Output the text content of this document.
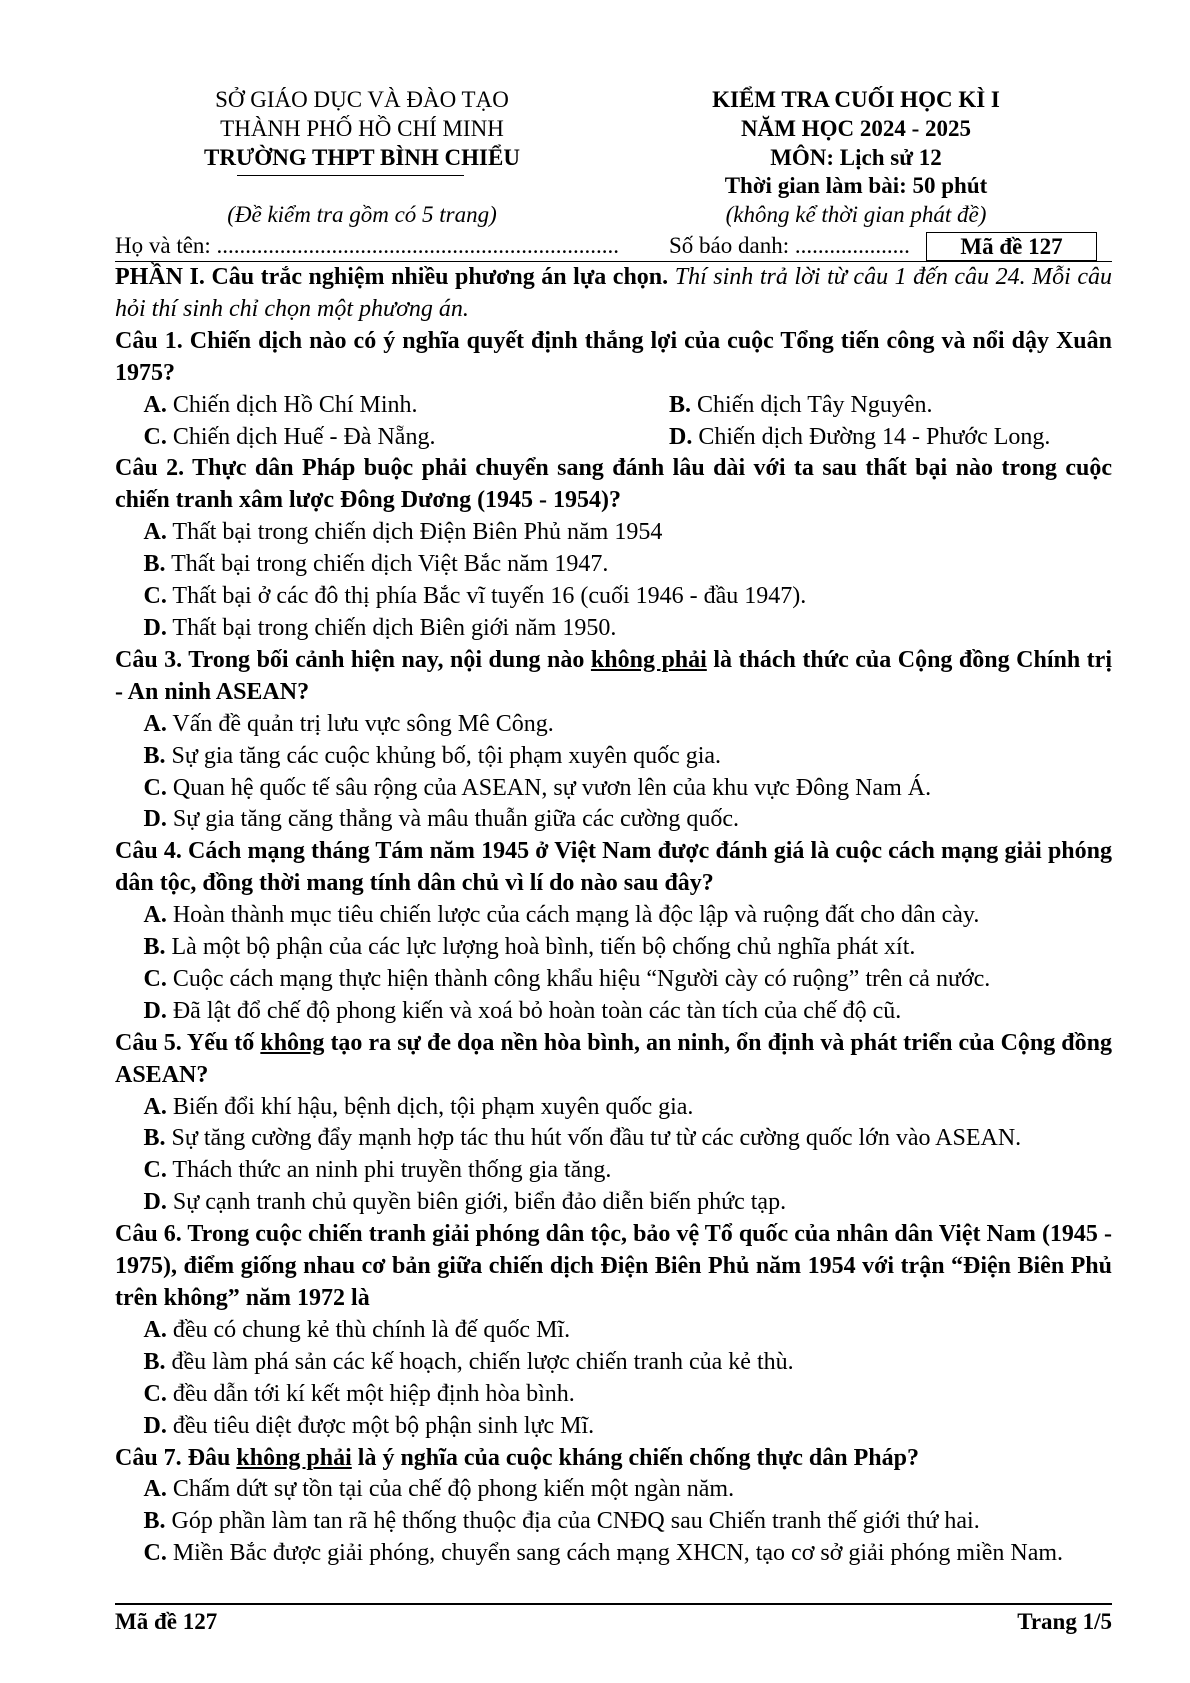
SỞ GIÁO DỤC VÀ ĐÀO TẠO
THÀNH PHỐ HỒ CHÍ MINH
TRƯỜNG THPT BÌNH CHIỂU
(Đề kiểm tra gồm có 5 trang)
KIỂM TRA CUỐI HỌC KÌ I
NĂM HỌC 2024 - 2025
MÔN: Lịch sử 12
Thời gian làm bài: 50 phút
(không kể thời gian phát đề)
Họ và tên: ...................................................................... Số báo danh: ....................	Mã đề 127

PHẦN I. Câu trắc nghiệm nhiều phương án lựa chọn. Thí sinh trả lời từ câu 1 đến câu 24. Mỗi câu hỏi thí sinh chỉ chọn một phương án.

Câu 1. Chiến dịch nào có ý nghĩa quyết định thắng lợi của cuộc Tổng tiến công và nổi dậy Xuân 1975?

A. Chiến dịch Hồ Chí Minh.	B. Chiến dịch Tây Nguyên.
C. Chiến dịch Huế - Đà Nẵng.	D. Chiến dịch Đường 14 - Phước Long.

Câu 2. Thực dân Pháp buộc phải chuyển sang đánh lâu dài với ta sau thất bại nào trong cuộc chiến tranh xâm lược Đông Dương (1945 - 1954)?

A. Thất bại trong chiến dịch Điện Biên Phủ năm 1954
B. Thất bại trong chiến dịch Việt Bắc năm 1947.
C. Thất bại ở các đô thị phía Bắc vĩ tuyến 16 (cuối 1946 - đầu 1947).
D. Thất bại trong chiến dịch Biên giới năm 1950.

Câu 3. Trong bối cảnh hiện nay, nội dung nào không phải là thách thức của Cộng đồng Chính trị - An ninh ASEAN?

A. Vấn đề quản trị lưu vực sông Mê Công.
B. Sự gia tăng các cuộc khủng bố, tội phạm xuyên quốc gia.
C. Quan hệ quốc tế sâu rộng của ASEAN, sự vươn lên của khu vực Đông Nam Á.
D. Sự gia tăng căng thẳng và mâu thuẫn giữa các cường quốc.

Câu 4. Cách mạng tháng Tám năm 1945 ở Việt Nam được đánh giá là cuộc cách mạng giải phóng dân tộc, đồng thời mang tính dân chủ vì lí do nào sau đây?

A. Hoàn thành mục tiêu chiến lược của cách mạng là độc lập và ruộng đất cho dân cày.
B. Là một bộ phận của các lực lượng hoà bình, tiến bộ chống chủ nghĩa phát xít.
C. Cuộc cách mạng thực hiện thành công khẩu hiệu “Người cày có ruộng” trên cả nước.
D. Đã lật đổ chế độ phong kiến và xoá bỏ hoàn toàn các tàn tích của chế độ cũ.

Câu 5. Yếu tố không tạo ra sự đe dọa nền hòa bình, an ninh, ổn định và phát triển của Cộng đồng ASEAN?

A. Biến đổi khí hậu, bệnh dịch, tội phạm xuyên quốc gia.
B. Sự tăng cường đẩy mạnh hợp tác thu hút vốn đầu tư từ các cường quốc lớn vào ASEAN.
C. Thách thức an ninh phi truyền thống gia tăng.
D. Sự cạnh tranh chủ quyền biên giới, biển đảo diễn biến phức tạp.

Câu 6. Trong cuộc chiến tranh giải phóng dân tộc, bảo vệ Tổ quốc của nhân dân Việt Nam (1945 - 1975), điểm giống nhau cơ bản giữa chiến dịch Điện Biên Phủ năm 1954 với trận “Điện Biên Phủ trên không” năm 1972 là

A. đều có chung kẻ thù chính là đế quốc Mĩ.
B. đều làm phá sản các kế hoạch, chiến lược chiến tranh của kẻ thù.
C. đều dẫn tới kí kết một hiệp định hòa bình.
D. đều tiêu diệt được một bộ phận sinh lực Mĩ.

Câu 7. Đâu không phải là ý nghĩa của cuộc kháng chiến chống thực dân Pháp?

A. Chấm dứt sự tồn tại của chế độ phong kiến một ngàn năm.
B. Góp phần làm tan rã hệ thống thuộc địa của CNĐQ sau Chiến tranh thế giới thứ hai.
C. Miền Bắc được giải phóng, chuyển sang cách mạng XHCN, tạo cơ sở giải phóng miền Nam.
Mã đề 127	Trang 1/5
